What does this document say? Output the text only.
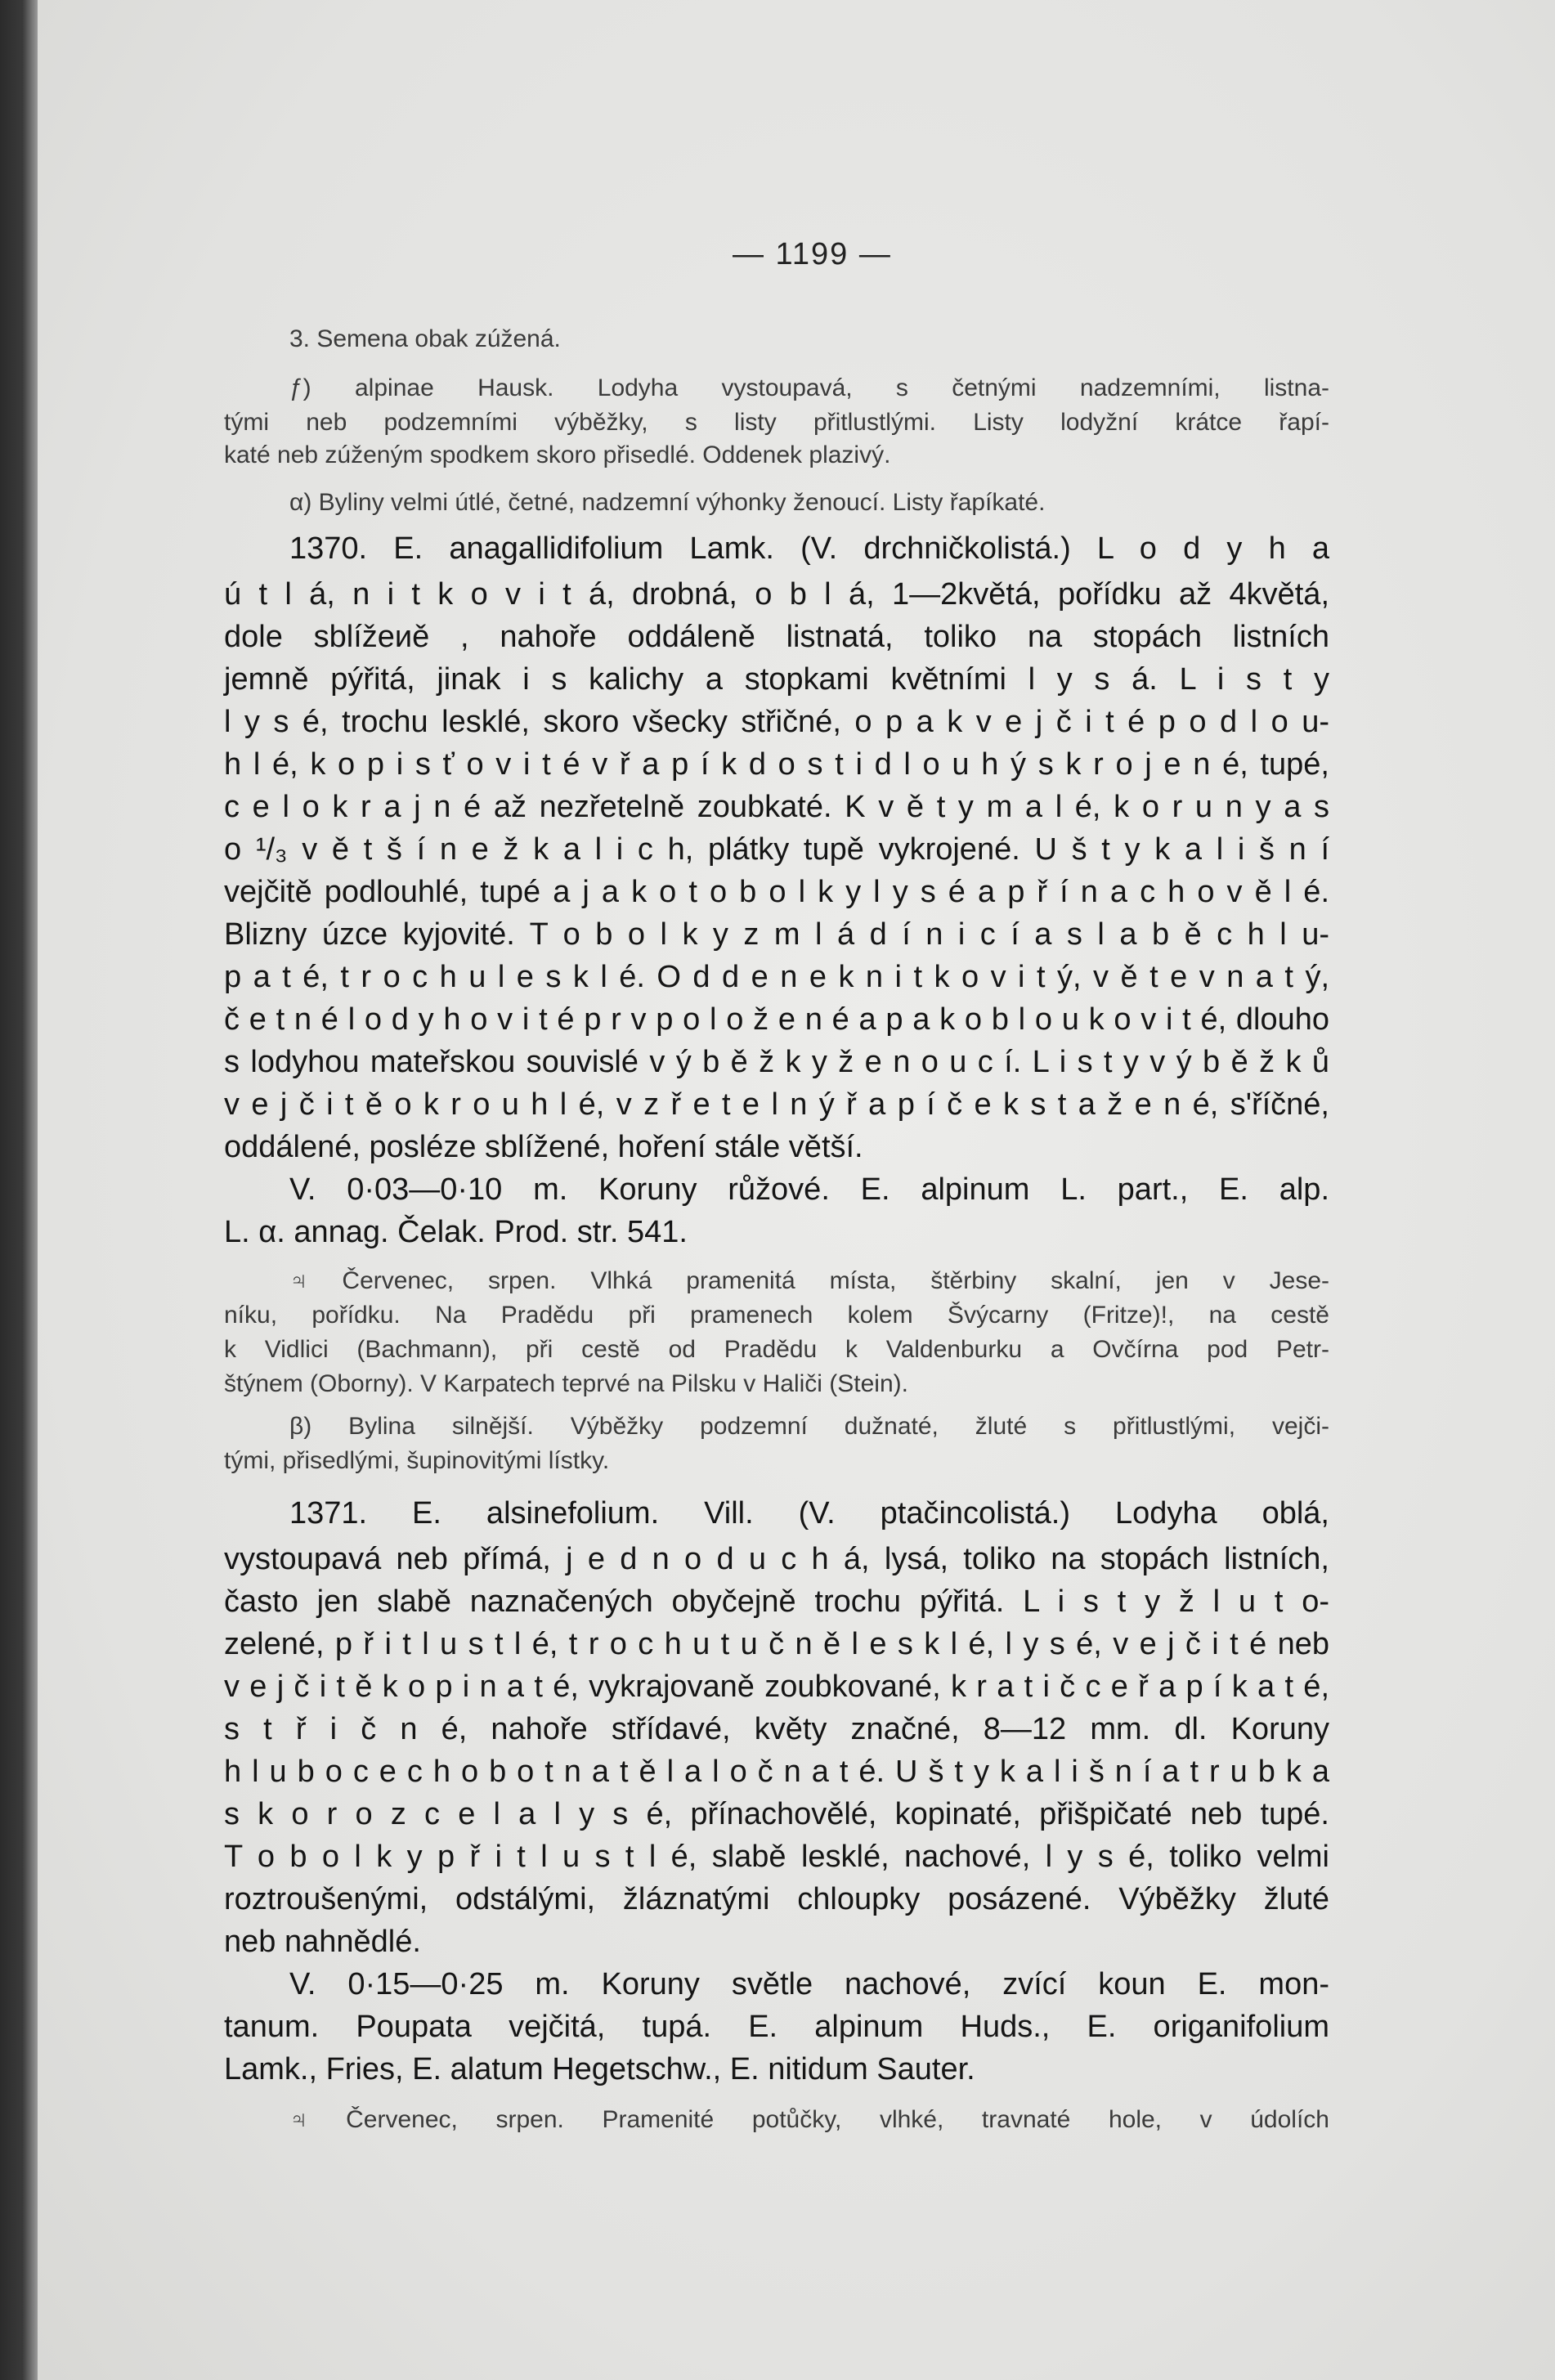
— 1199 —
3. Semena obak zúžená.
ƒ) alpinae Hausk. Lodyha vystoupavá, s četnými nadzemními, listna-
tými neb podzemními výběžky, s listy přitlustlými. Listy lodyžní krátce řapí-
katé neb zúženým spodkem skoro přisedlé. Oddenek plazivý.
α) Byliny velmi útlé, četné, nadzemní výhonky ženoucí. Listy řapíkaté.
1370. E. anagallidifolium Lamk. (V. drchničkolistá.) L o d y h a
ú t l á, n i t k o v i t á, drobná, o b l á, 1—2květá, pořídku až 4květá,
dole sblížeиě , nahoře oddáleně listnatá, toliko na stopách listních
jemně pýřitá, jinak i s kalichy a stopkami květními l y s á. L i s t y
l y s é, trochu lesklé, skoro všecky střičné, o p a k v e j č i t é p o d l o u-
h l é, k o p i s ť o v i t é v ř a p í k d o s t i d l o u h ý s k r o j e n é, tupé,
c e l o k r a j n é až nezřetelně zoubkaté. K v ě t y m a l é, k o r u n y a s
o ¹/₃ v ě t š í n e ž k a l i c h, plátky tupě vykrojené. U š t y k a l i š n í
vejčitě podlouhlé, tupé a j a k o t o b o l k y l y s é a p ř í n a c h o v ě l é.
Blizny úzce kyjovité. T o b o l k y z m l á d í n i c í a s l a b ě c h l u-
p a t é, t r o c h u l e s k l é. O d d e n e k n i t k o v i t ý, v ě t e v n a t ý,
č e t n é l o d y h o v i t é p r v p o l o ž e n é a p a k o b l o u k o v i t é, dlouho
s lodyhou mateřskou souvislé v ý b ě ž k y ž e n o u c í. L i s t y v ý b ě ž k ů
v e j č i t ě o k r o u h l é, v z ř e t e l n ý ř a p í č e k s t a ž e n é, s'říčné,
oddálené, posléze sblížené, hoření stále větší.
V. 0·03—0·10 m. Koruny růžové. E. alpinum L. part., E. alp.
L. α. annag. Čelak. Prod. str. 541.
♃ Červenec, srpen. Vlhká pramenitá místa, štěrbiny skalní, jen v Jese-
níku, pořídku. Na Pradědu při pramenech kolem Švýcarny (Fritze)!, na cestě
k Vidlici (Bachmann), při cestě od Pradědu k Valdenburku a Ovčírna pod Petr-
štýnem (Oborny). V Karpatech teprvé na Pilsku v Haliči (Stein).
β) Bylina silnější. Výběžky podzemní dužnaté, žluté s přitlustlými, vejči-
tými, přisedlými, šupinovitými lístky.
1371. E. alsinefolium. Vill. (V. ptačincolistá.) Lodyha oblá,
vystoupavá neb přímá, j e d n o d u c h á, lysá, toliko na stopách listních,
často jen slabě naznačených obyčejně trochu pýřitá. L i s t y ž l u t o-
zelené, p ř i t l u s t l é, t r o c h u t u č n ě l e s k l é, l y s é, v e j č i t é neb
v e j č i t ě k o p i n a t é, vykrajovaně zoubkované, k r a t i č c e ř a p í k a t é,
s t ř i č n é, nahoře střídavé, květy značné, 8—12 mm. dl. Koruny
h l u b o c e c h o b o t n a t ě l a l o č n a t é. U š t y k a l i š n í a t r u b k a
s k o r o z c e l a l y s é, přínachovělé, kopinaté, přišpičaté neb tupé.
T o b o l k y p ř i t l u s t l é, slabě lesklé, nachové, l y s é, toliko velmi
roztroušenými, odstálými, žláznatými chloupky posázené. Výběžky žluté
neb nahnědlé.
V. 0·15—0·25 m. Koruny světle nachové, zvící koun E. mon-
tanum. Poupata vejčitá, tupá. E. alpinum Huds., E. origanifolium
Lamk., Fries, E. alatum Hegetschw., E. nitidum Sauter.
♃ Červenec, srpen. Pramenité potůčky, vlhké, travnaté hole, v údolích
